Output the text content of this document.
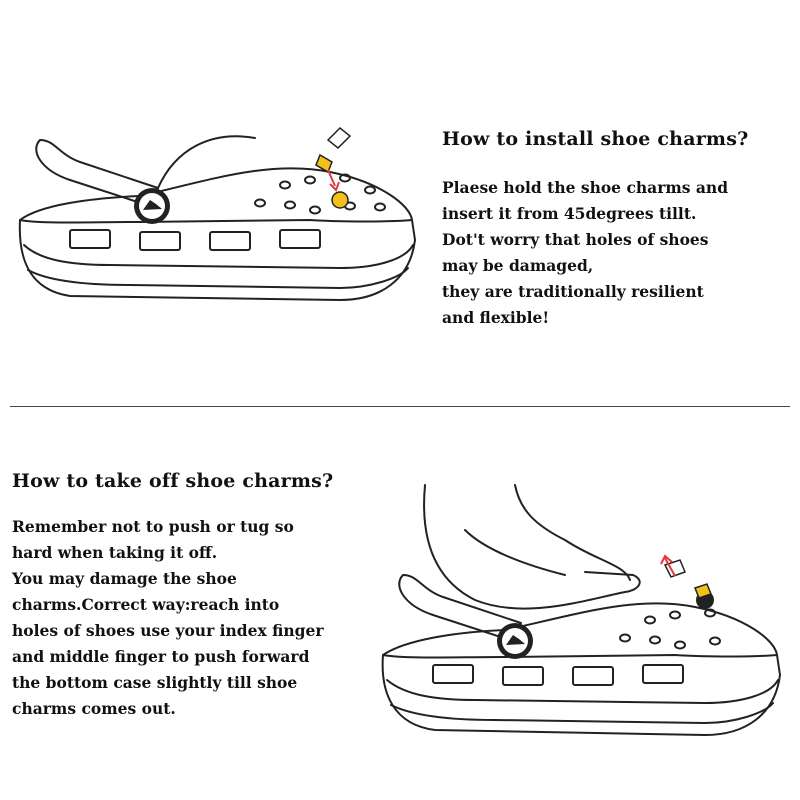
How to install shoe charms?
Plaese hold the shoe charms and
insert it from 45degrees tillt.
Dot't worry that holes of shoes
may be damaged,
they are traditionally resilient
and flexible!
How to take off shoe charms?
Remember not to push or tug so
hard when taking it off.
You may damage the shoe
charms.Correct way:reach into
holes of shoes use your index finger
and middle finger to push forward
the bottom case slightly till shoe
charms comes out.
